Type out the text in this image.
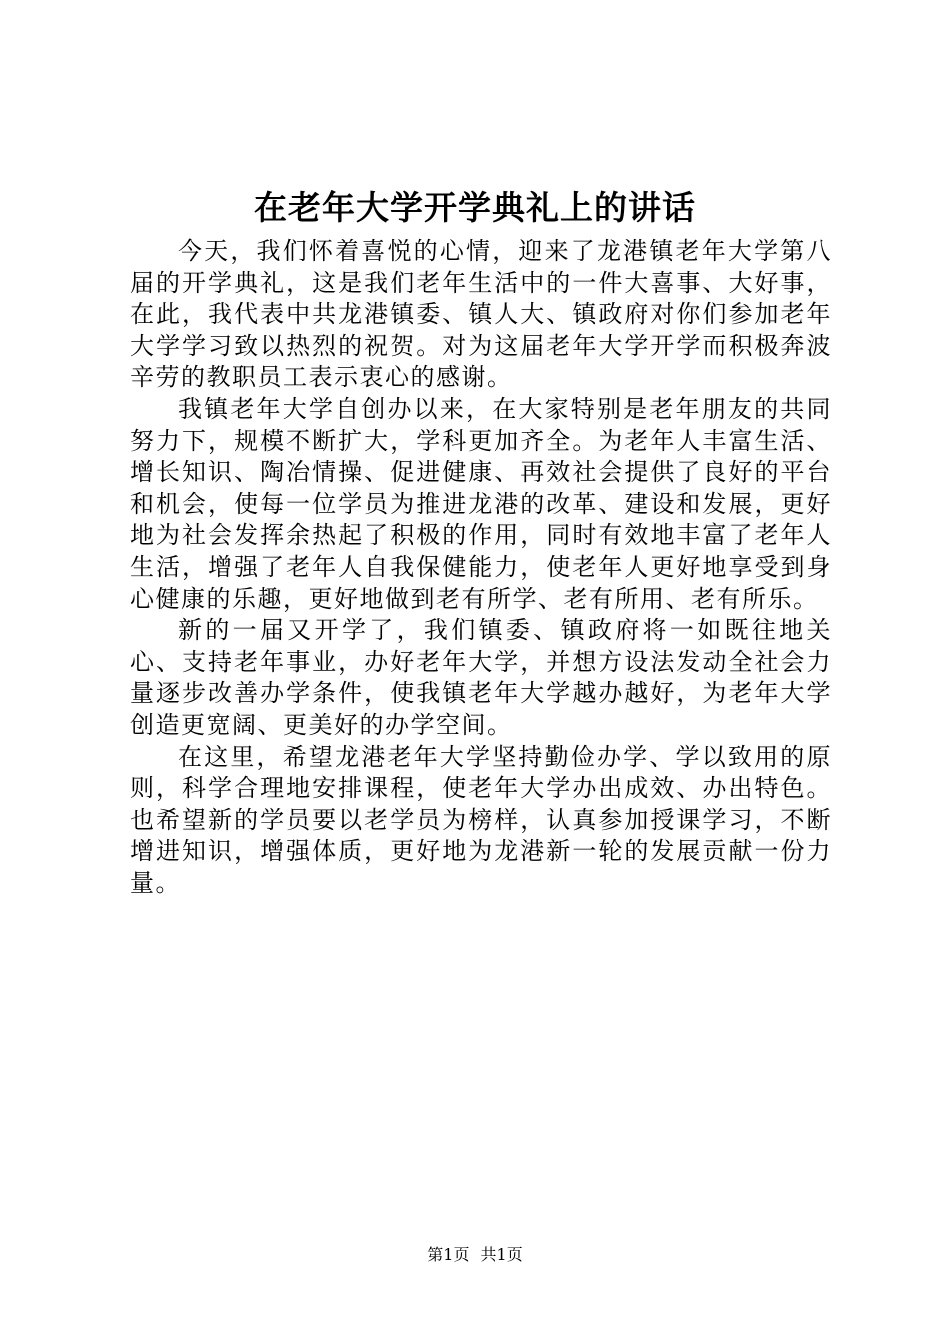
在老年大学开学典礼上的讲话

今天，我们怀着喜悦的心情，迎来了龙港镇老年大学第八届的开学典礼，这是我们老年生活中的一件大喜事、大好事，在此，我代表中共龙港镇委、镇人大、镇政府对你们参加老年大学学习致以热烈的祝贺。对为这届老年大学开学而积极奔波辛劳的教职员工表示衷心的感谢。

我镇老年大学自创办以来，在大家特别是老年朋友的共同努力下，规模不断扩大，学科更加齐全。为老年人丰富生活、增长知识、陶冶情操、促进健康、再效社会提供了良好的平台和机会，使每一位学员为推进龙港的改革、建设和发展，更好地为社会发挥余热起了积极的作用，同时有效地丰富了老年人生活，增强了老年人自我保健能力，使老年人更好地享受到身心健康的乐趣，更好地做到老有所学、老有所用、老有所乐。

新的一届又开学了，我们镇委、镇政府将一如既往地关心、支持老年事业，办好老年大学，并想方设法发动全社会力量逐步改善办学条件，使我镇老年大学越办越好，为老年大学创造更宽阔、更美好的办学空间。

在这里，希望龙港老年大学坚持勤俭办学、学以致用的原则，科学合理地安排课程，使老年大学办出成效、办出特色。也希望新的学员要以老学员为榜样，认真参加授课学习，不断增进知识，增强体质，更好地为龙港新一轮的发展贡献一份力量。

第1页 共1页
